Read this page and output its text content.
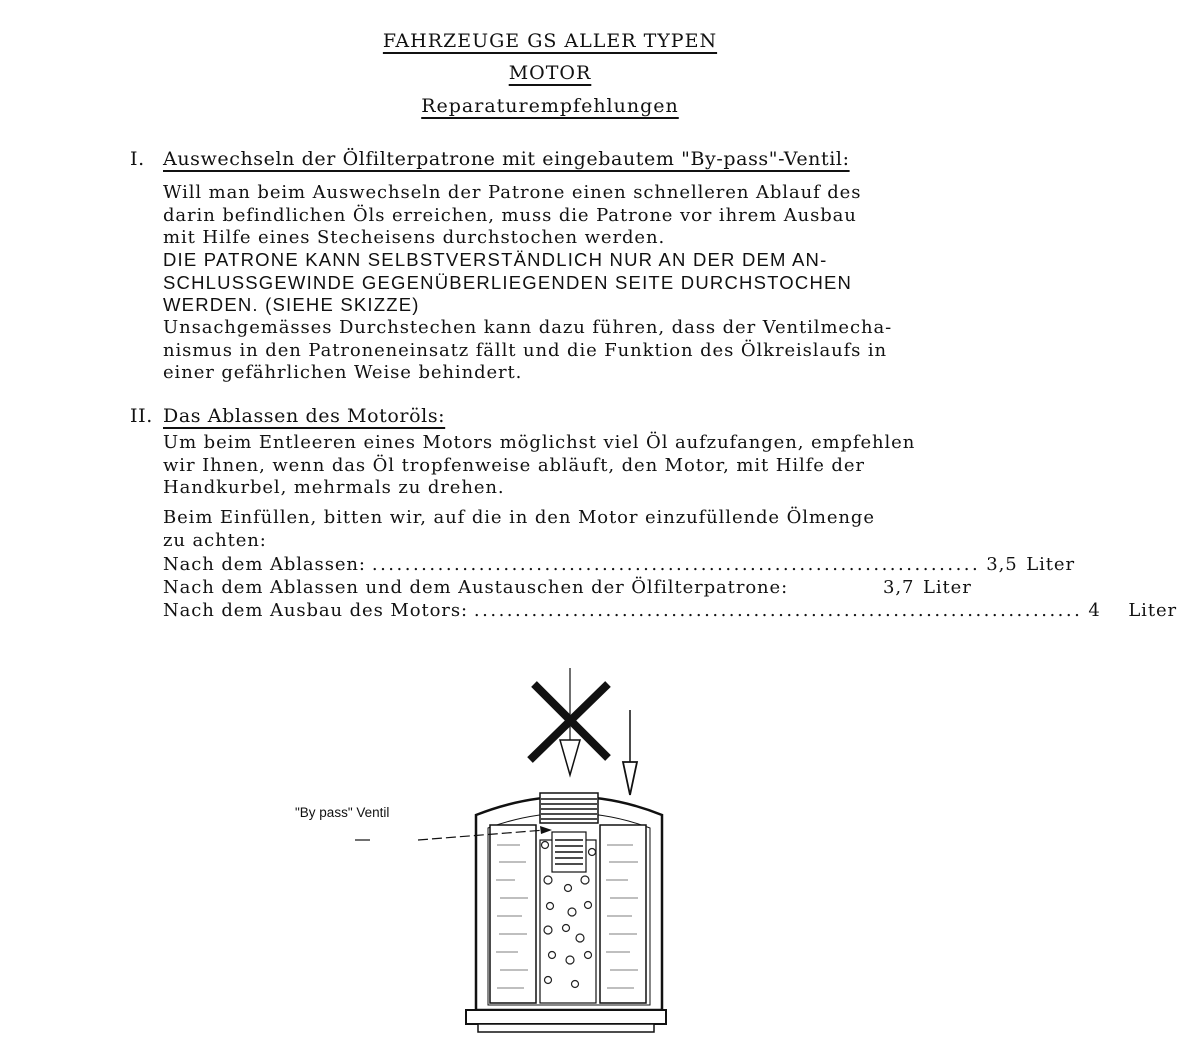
FAHRZEUGE GS ALLER TYPEN
MOTOR
Reparaturempfehlungen
I. Auswechseln der Ölfilterpatrone mit eingebautem "By-pass"-Ventil:
Will man beim Auswechseln der Patrone einen schnelleren Ablauf des
darin befindlichen Öls erreichen, muss die Patrone vor ihrem Ausbau
mit Hilfe eines Stecheisens durchstochen werden.
DIE PATRONE KANN SELBSTVERSTÄNDLICH NUR AN DER DEM AN-
SCHLUSSGEWINDE GEGENÜBERLIEGENDEN SEITE DURCHSTOCHEN
WERDEN. (SIEHE SKIZZE)
Unsachgemässes Durchstechen kann dazu führen, dass der Ventilmecha-
nismus in den Patroneneinsatz fällt und die Funktion des Ölkreislaufs in
einer gefährlichen Weise behindert.
II. Das Ablassen des Motoröls:
Um beim Entleeren eines Motors möglichst viel Öl aufzufangen, empfehlen
wir Ihnen, wenn das Öl tropfenweise abläuft, den Motor, mit Hilfe der
Handkurbel, mehrmals zu drehen.
Beim Einfüllen, bitten wir, auf die in den Motor einzufüllende Ölmenge
zu achten:
Nach dem Ablassen: .......................................................................... 3,5 Liter
Nach dem Ablassen und dem Austauschen der Ölfilterpatrone:	3,7 Liter
Nach dem Ausbau des Motors: .......................................................................... 4	Liter
"By pass" Ventil
